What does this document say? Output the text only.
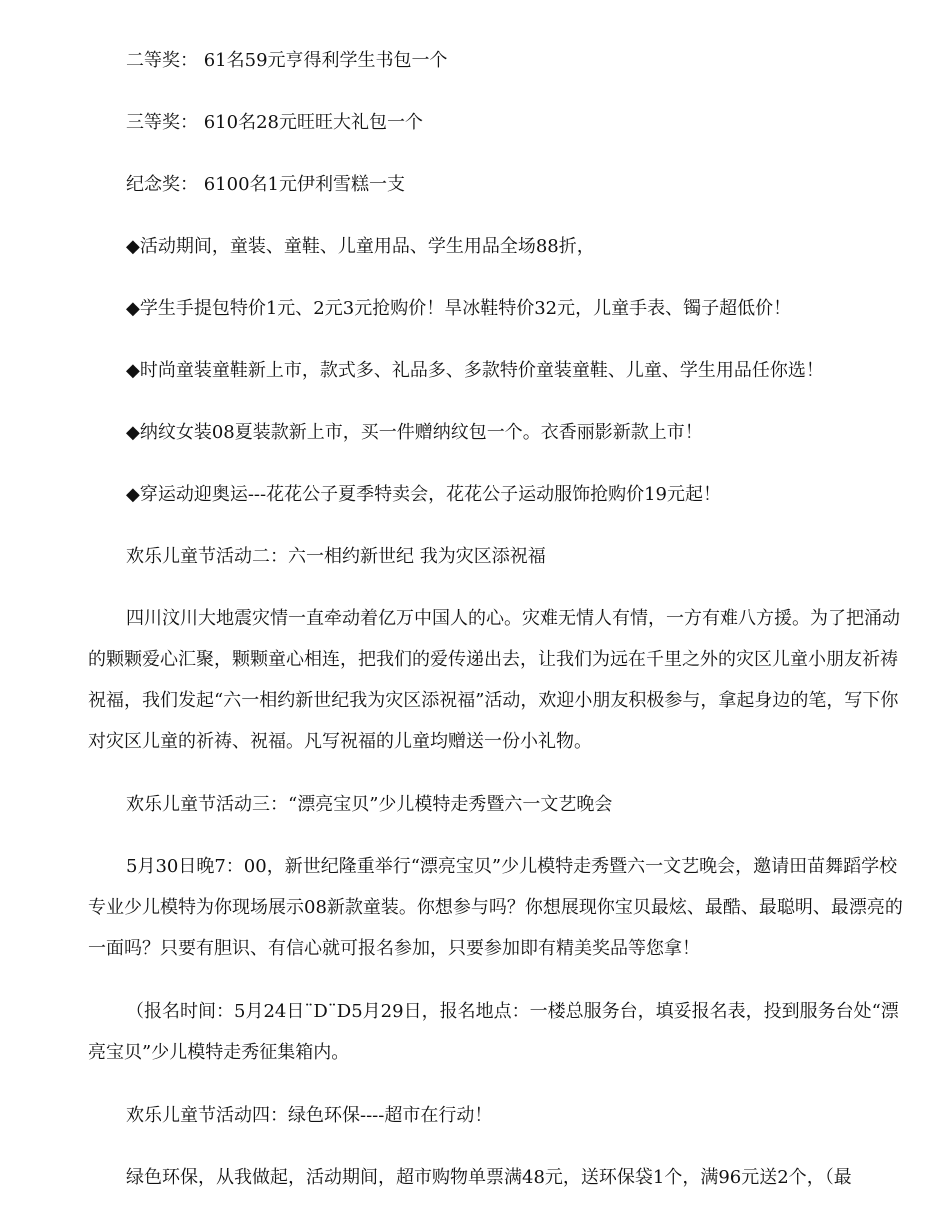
二等奖： 61名59元亨得利学生书包一个

三等奖： 610名28元旺旺大礼包一个

纪念奖： 6100名1元伊利雪糕一支

◆活动期间，童装、童鞋、儿童用品、学生用品全场88折，

◆学生手提包特价1元、2元3元抢购价！旱冰鞋特价32元，儿童手表、镯子超低价！

◆时尚童装童鞋新上市，款式多、礼品多、多款特价童装童鞋、儿童、学生用品任你选！

◆纳纹女装08夏装款新上市，买一件赠纳纹包一个。衣香丽影新款上市！

◆穿运动迎奥运---花花公子夏季特卖会，花花公子运动服饰抢购价19元起！

欢乐儿童节活动二：六一相约新世纪 我为灾区添祝福

四川汶川大地震灾情一直牵动着亿万中国人的心。灾难无情人有情，一方有难八方援。为了把涌动的颗颗爱心汇聚，颗颗童心相连，把我们的爱传递出去，让我们为远在千里之外的灾区儿童小朋友祈祷祝福，我们发起“六一相约新世纪我为灾区添祝福”活动，欢迎小朋友积极参与，拿起身边的笔，写下你对灾区儿童的祈祷、祝福。凡写祝福的儿童均赠送一份小礼物。

欢乐儿童节活动三：“漂亮宝贝”少儿模特走秀暨六一文艺晚会

5月30日晚7：00，新世纪隆重举行“漂亮宝贝”少儿模特走秀暨六一文艺晚会，邀请田苗舞蹈学校专业少儿模特为你现场展示08新款童装。你想参与吗？你想展现你宝贝最炫、最酷、最聪明、最漂亮的一面吗？只要有胆识、有信心就可报名参加，只要参加即有精美奖品等您拿！

（报名时间：5月24日¨D¨D5月29日，报名地点：一楼总服务台，填妥报名表，投到服务台处“漂亮宝贝”少儿模特走秀征集箱内。

欢乐儿童节活动四：绿色环保----超市在行动！

绿色环保，从我做起，活动期间，超市购物单票满48元，送环保袋1个，满96元送2个，（最
